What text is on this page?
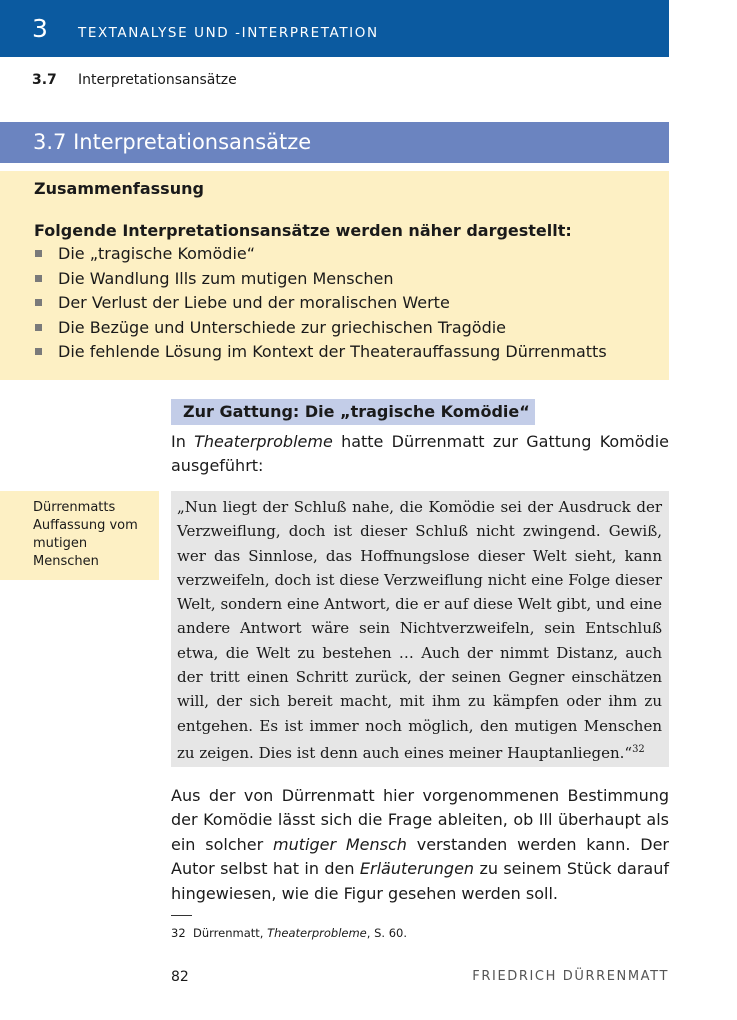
3 TEXTANALYSE UND -INTERPRETATION
3.7 Interpretationsansätze
3.7 Interpretationsansätze
Zusammenfassung
Folgende Interpretationsansätze werden näher dargestellt:
Die „tragische Komödie“
Die Wandlung Ills zum mutigen Menschen
Der Verlust der Liebe und der moralischen Werte
Die Bezüge und Unterschiede zur griechischen Tragödie
Die fehlende Lösung im Kontext der Theaterauffassung Dürrenmatts
Zur Gattung: Die „tragische Komödie“

In Theaterprobleme hatte Dürrenmatt zur Gattung Komödie ausgeführt:

Dürrenmatts Auffassung vom mutigen Menschen

„Nun liegt der Schluß nahe, die Komödie sei der Ausdruck der Verzweiflung, doch ist dieser Schluß nicht zwingend. Gewiß, wer das Sinnlose, das Hoffnungslose dieser Welt sieht, kann verzweifeln, doch ist diese Verzweiflung nicht eine Folge dieser Welt, sondern eine Antwort, die er auf diese Welt gibt, und eine andere Antwort wäre sein Nichtverzweifeln, sein Entschluß etwa, die Welt zu bestehen … Auch der nimmt Distanz, auch der tritt einen Schritt zurück, der seinen Gegner einschätzen will, der sich bereit macht, mit ihm zu kämpfen oder ihm zu entgehen. Es ist immer noch möglich, den mutigen Menschen zu zeigen. Dies ist denn auch eines meiner Hauptanliegen.“$^{32}$

Aus der von Dürrenmatt hier vorgenommenen Bestimmung der Komödie lässt sich die Frage ableiten, ob Ill überhaupt als ein solcher mutiger Mensch verstanden werden kann. Der Autor selbst hat in den Erläuterungen zu seinem Stück darauf hingewiesen, wie die Figur gesehen werden soll.

32 Dürrenmatt, Theaterprobleme, S. 60.
82	FRIEDRICH DÜRRENMATT
